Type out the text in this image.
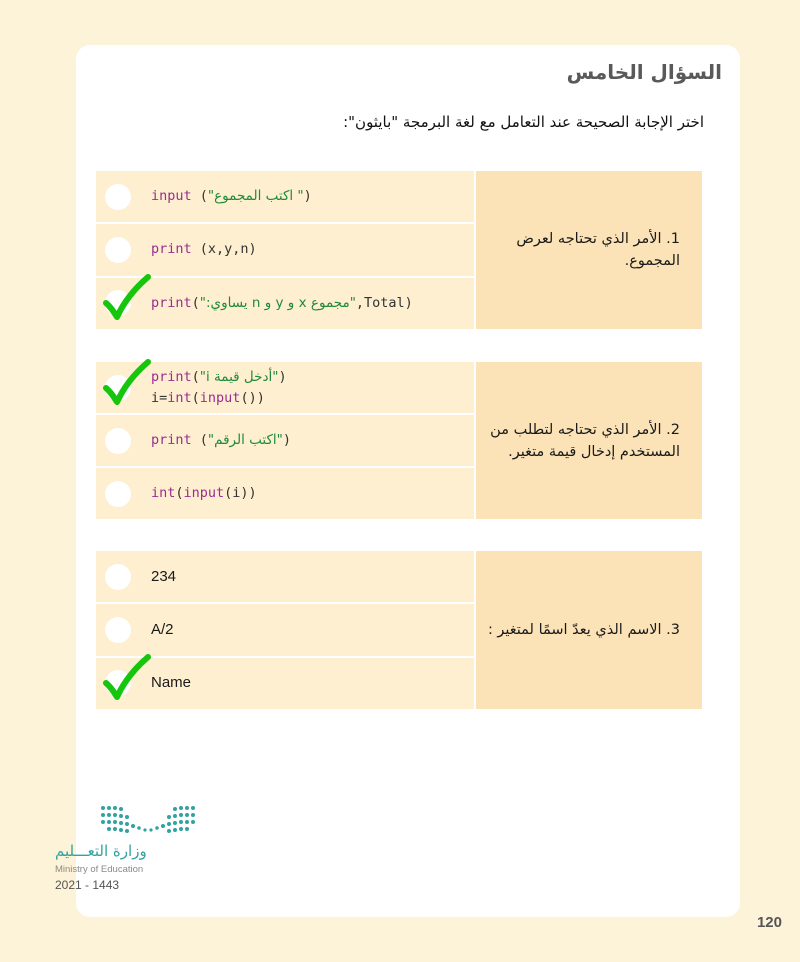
السؤال الخامس
اختر الإجابة الصحيحة عند التعامل مع لغة البرمجة "بايثون":
input (" اكتب المجموع")
print (x,y,n)
print("مجموع x و y و n يساوي:",Total)
1. الأمر الذي تحتاجه لعرض المجموع.
print("أدخل قيمة i")
i=int(input())
print ("اكتب الرقم")
int(input(i))
2. الأمر الذي تحتاجه لتطلب من المستخدم إدخال قيمة متغير.
234
A/2
Name
3. الاسم الذي يعدّ اسمًا لمتغير :
وزارة التعـــليم
Ministry of Education
2021 - 1443
120
